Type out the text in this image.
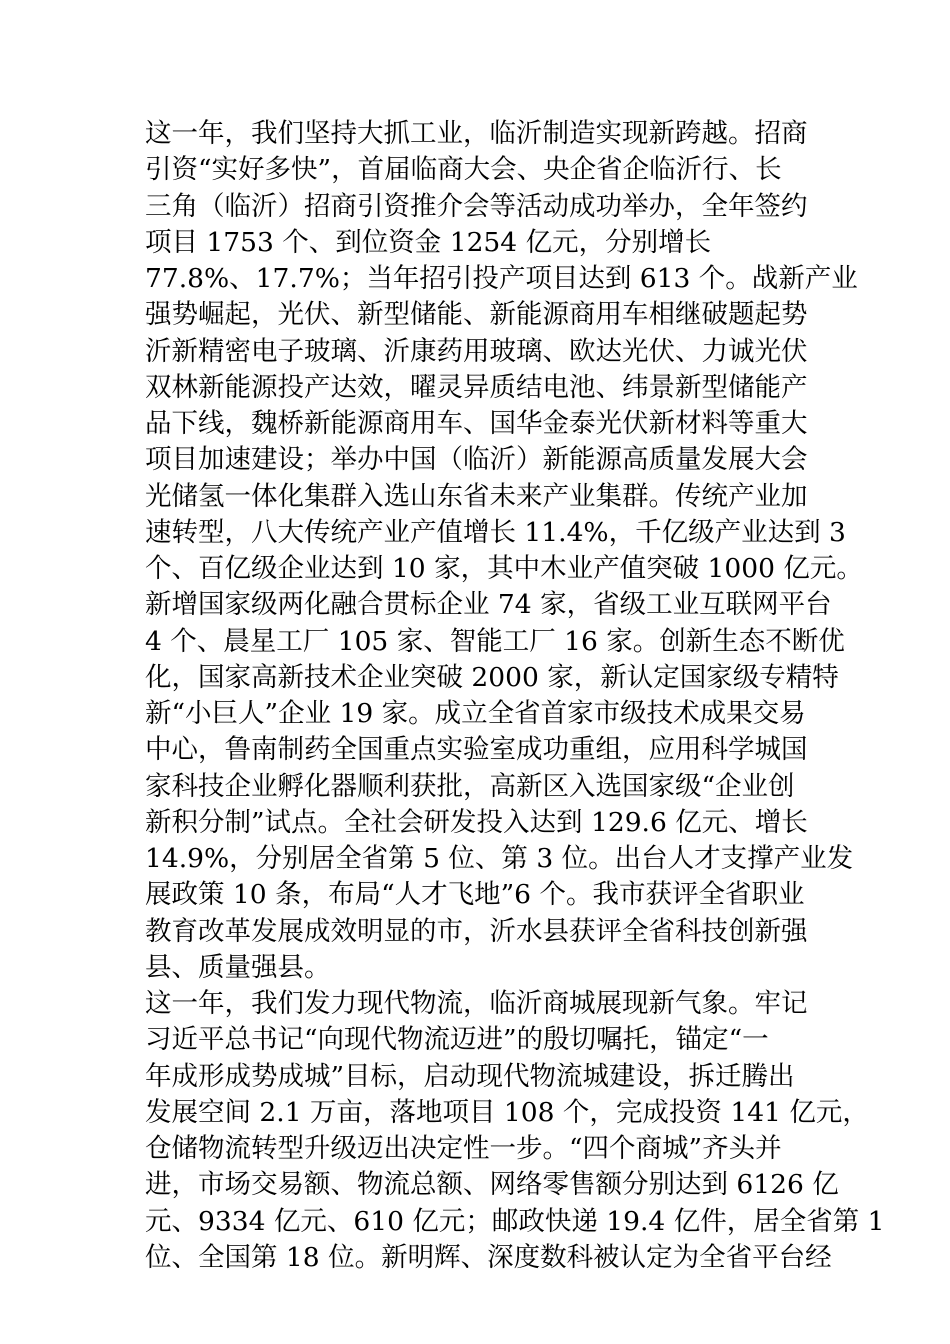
这一年，我们坚持大抓工业，临沂制造实现新跨越。招商
引资“实好多快”，首届临商大会、央企省企临沂行、长
三角（临沂）招商引资推介会等活动成功举办，全年签约
项目 1753 个、到位资金 1254 亿元，分别增长
77.8%、17.7%；当年招引投产项目达到 613 个。战新产业
强势崛起，光伏、新型储能、新能源商用车相继破题起势
沂新精密电子玻璃、沂康药用玻璃、欧达光伏、力诚光伏
双林新能源投产达效，曜灵异质结电池、纬景新型储能产
品下线，魏桥新能源商用车、国华金泰光伏新材料等重大
项目加速建设；举办中国（临沂）新能源高质量发展大会
光储氢一体化集群入选山东省未来产业集群。传统产业加
速转型，八大传统产业产值增长 11.4%，千亿级产业达到 3
个、百亿级企业达到 10 家，其中木业产值突破 1000 亿元。
新增国家级两化融合贯标企业 74 家，省级工业互联网平台
4 个、晨星工厂 105 家、智能工厂 16 家。创新生态不断优
化，国家高新技术企业突破 2000 家，新认定国家级专精特
新“小巨人”企业 19 家。成立全省首家市级技术成果交易
中心，鲁南制药全国重点实验室成功重组，应用科学城国
家科技企业孵化器顺利获批，高新区入选国家级“企业创
新积分制”试点。全社会研发投入达到 129.6 亿元、增长
14.9%，分别居全省第 5 位、第 3 位。出台人才支撑产业发
展政策 10 条，布局“人才飞地”6 个。我市获评全省职业
教育改革发展成效明显的市，沂水县获评全省科技创新强
县、质量强县。
这一年，我们发力现代物流，临沂商城展现新气象。牢记
习近平总书记“向现代物流迈进”的殷切嘱托，锚定“一
年成形成势成城”目标，启动现代物流城建设，拆迁腾出
发展空间 2.1 万亩，落地项目 108 个，完成投资 141 亿元，
仓储物流转型升级迈出决定性一步。“四个商城”齐头并
进，市场交易额、物流总额、网络零售额分别达到 6126 亿
元、9334 亿元、610 亿元；邮政快递 19.4 亿件，居全省第 1
位、全国第 18 位。新明辉、深度数科被认定为全省平台经
